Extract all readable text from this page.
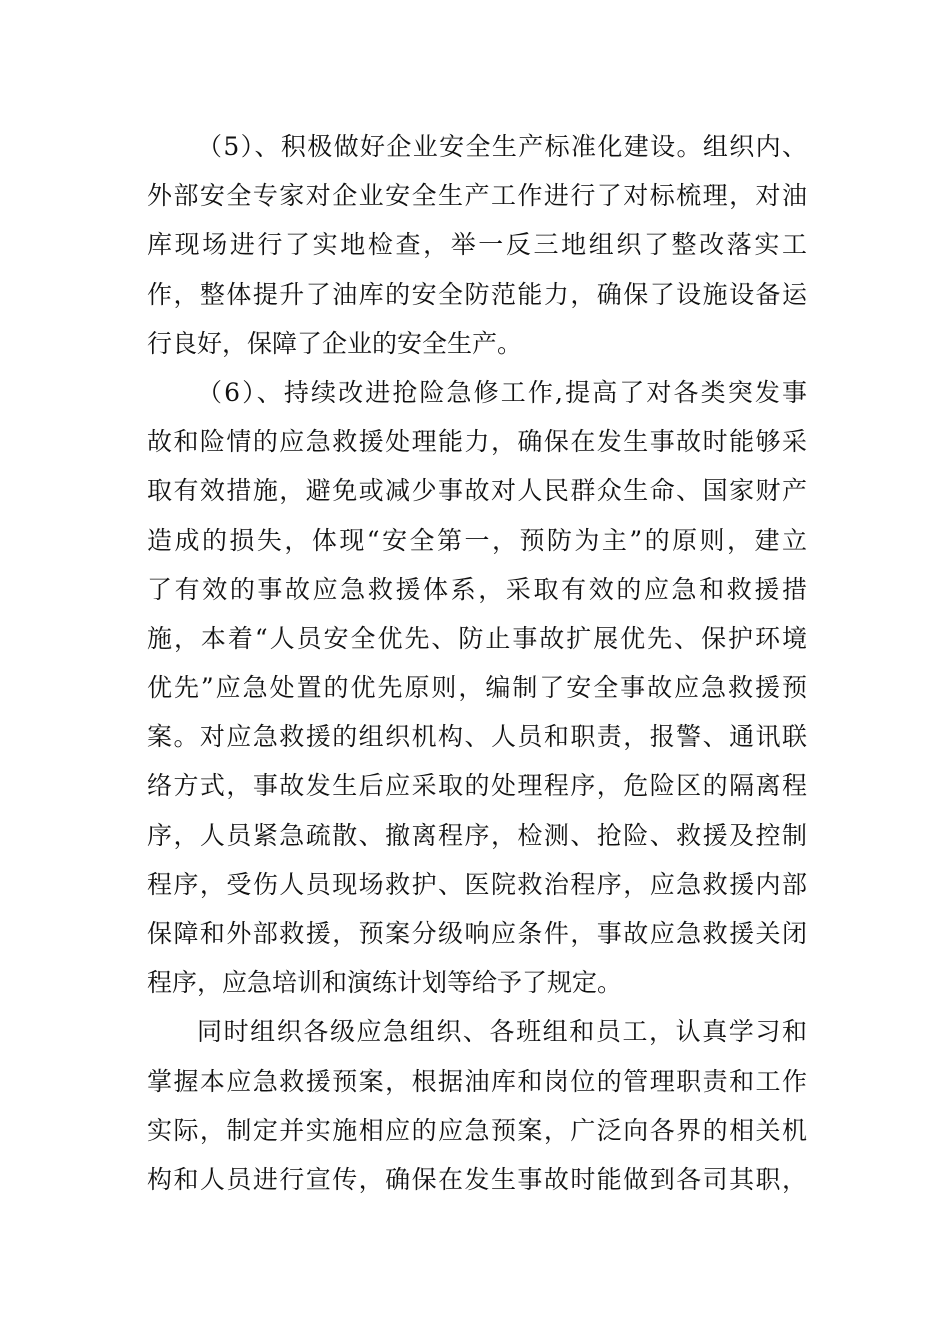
（5）、积极做好企业安全生产标准化建设。组织内、
外部安全专家对企业安全生产工作进行了对标梳理，对油
库现场进行了实地检查，举一反三地组织了整改落实工
作，整体提升了油库的安全防范能力，确保了设施设备运
行良好，保障了企业的安全生产。
（6）、持续改进抢险急修工作,提高了对各类突发事
故和险情的应急救援处理能力，确保在发生事故时能够采
取有效措施，避免或减少事故对人民群众生命、国家财产
造成的损失，体现“安全第一，预防为主”的原则，建立
了有效的事故应急救援体系，采取有效的应急和救援措
施，本着“人员安全优先、防止事故扩展优先、保护环境
优先”应急处置的优先原则，编制了安全事故应急救援预
案。对应急救援的组织机构、人员和职责，报警、通讯联
络方式，事故发生后应采取的处理程序，危险区的隔离程
序，人员紧急疏散、撤离程序，检测、抢险、救援及控制
程序，受伤人员现场救护、医院救治程序，应急救援内部
保障和外部救援，预案分级响应条件，事故应急救援关闭
程序，应急培训和演练计划等给予了规定。
同时组织各级应急组织、各班组和员工，认真学习和
掌握本应急救援预案，根据油库和岗位的管理职责和工作
实际，制定并实施相应的应急预案，广泛向各界的相关机
构和人员进行宣传，确保在发生事故时能做到各司其职，
